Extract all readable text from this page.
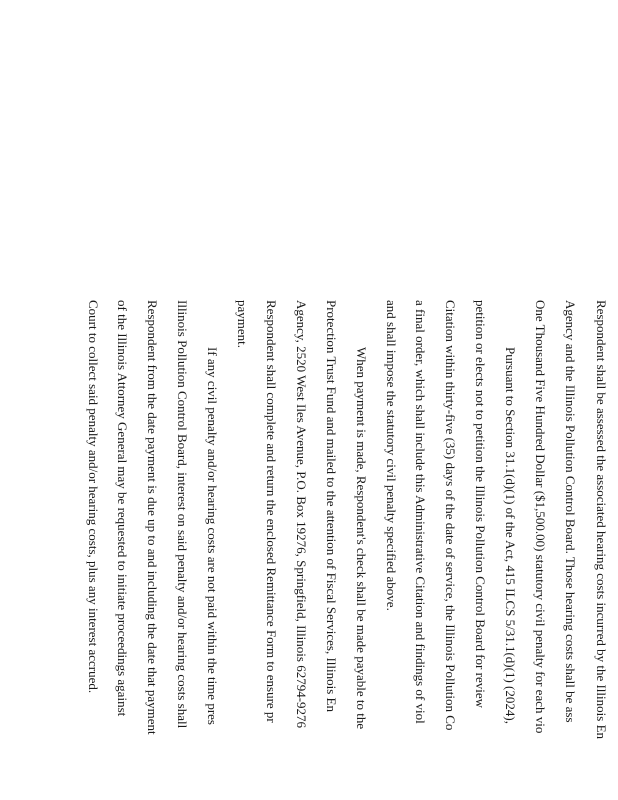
Respondent shall be assessed the associated hearing costs incurred by the Illinois En
Agency and the Illinois Pollution Control Board. Those hearing costs shall be ass
One Thousand Five Hundred Dollar ($1,500.00) statutory civil penalty for each vio
Pursuant to Section 31.1(d)(1) of the Act, 415 ILCS 5/31.1(d)(1) (2024),
petition or elects not to petition the Illinois Pollution Control Board for review
Citation within thirty-five (35) days of the date of service, the Illinois Pollution Co
a final order, which shall include this Administrative Citation and findings of viol
and shall impose the statutory civil penalty specified above.
When payment is made, Respondent's check shall be made payable to the
Protection Trust Fund and mailed to the attention of Fiscal Services, Illinois En
Agency, 2520 West Iles Avenue, P.O. Box 19276, Springfield, Illinois 62794-9276
Respondent shall complete and return the enclosed Remittance Form to ensure pr
payment.
If any civil penalty and/or hearing costs are not paid within the time pres
Illinois Pollution Control Board, interest on said penalty and/or hearing costs shall
Respondent from the date payment is due up to and including the date that payment
of the Illinois Attorney General may be requested to initiate proceedings against
Court to collect said penalty and/or hearing costs, plus any interest accrued.
